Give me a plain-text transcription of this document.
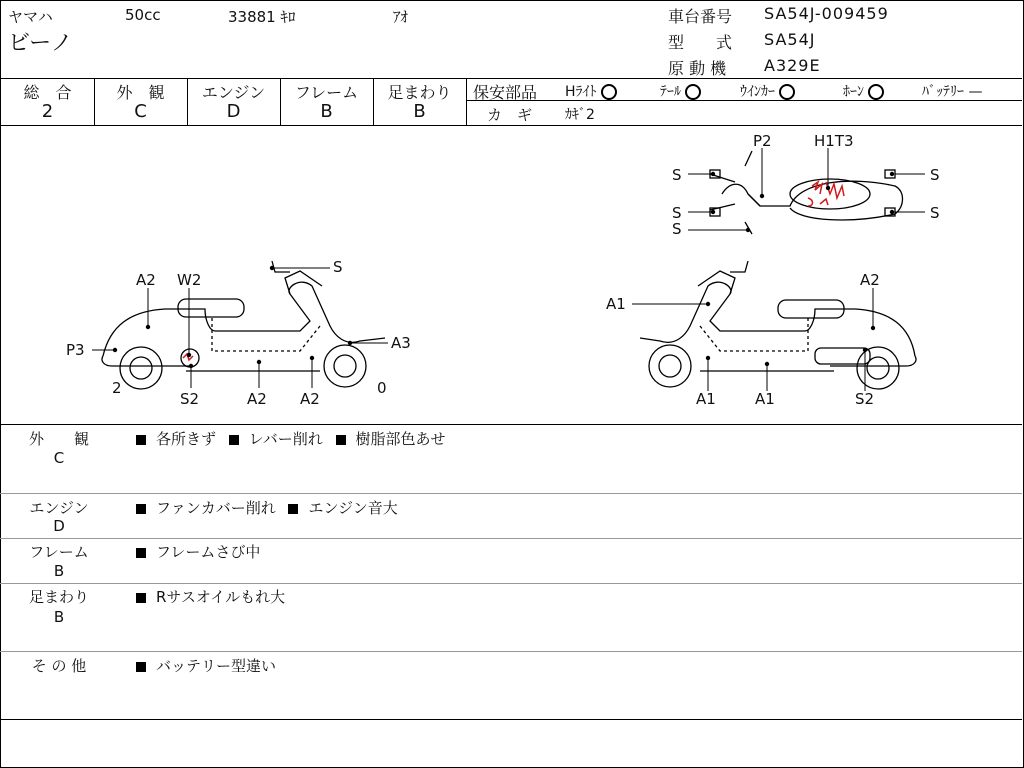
ヤマハ	50cc	33881 ｷﾛ	ｱｵ
ビーノ
車台番号 SA54J-009459
型　　式 SA54J
原 動 機 A329E
総　合
2
外　観
C
エンジン
D
フレーム
B
足まわり
B
保安部品 Hﾗｲﾄ	ﾃｰﾙ	ｳｲﾝｶｰ	ﾎｰﾝ	ﾊﾞｯﾃﾘｰ —
カ　ギ ｶｷﾞ2
P2	H1T3
S
S
S
S
S
A2 W2
S
P3	A3
2
S2	A2 A2
0
A1
A2
A1	A1	S2
外　　観
C
各所きず レバー削れ 樹脂部色あせ
エンジン
D
ファンカバー削れ エンジン音大
フレーム
B
フレームさび中
足まわり
B
Rサスオイルもれ大
そ の 他	バッテリー型違い
